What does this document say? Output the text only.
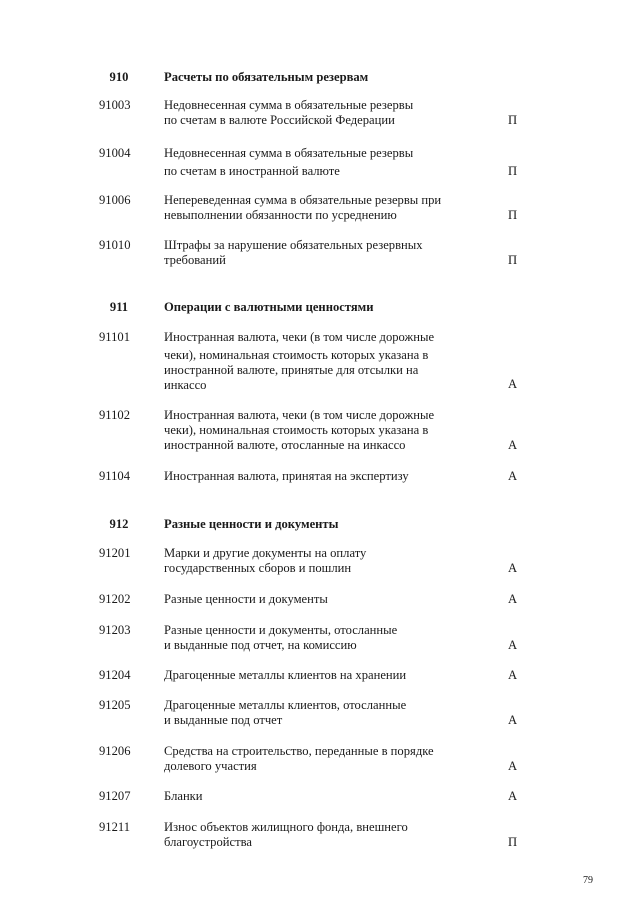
910	Расчеты по обязательным резервам
91003	Недовнесенная сумма в обязательные резервы
по счетам в валюте Российской Федерации	П
91004	Недовнесенная сумма в обязательные резервы
по счетам в иностранной валюте	П
91006	Непереведенная сумма в обязательные резервы при
невыполнении обязанности по усреднению	П
91010	Штрафы за нарушение обязательных резервных
требований	П
911	Операции с валютными ценностями
91101	Иностранная валюта, чеки (в том числе дорожные
чеки), номинальная стоимость которых указана в
иностранной валюте, принятые для отсылки на
инкассо	А
91102	Иностранная валюта, чеки (в том числе дорожные
чеки), номинальная стоимость которых указана в
иностранной валюте, отосланные на инкассо	А
91104	Иностранная валюта, принятая на экспертизу	А
912	Разные ценности и документы
91201	Марки и другие документы на оплату
государственных сборов и пошлин	А
91202	Разные ценности и документы	А
91203	Разные ценности и документы, отосланные
и выданные под отчет, на комиссию	А
91204	Драгоценные металлы клиентов на хранении	А
91205	Драгоценные металлы клиентов, отосланные
и выданные под отчет	А
91206	Средства на строительство, переданные в порядке
долевого участия	А
91207	Бланки	А
91211	Износ объектов жилищного фонда, внешнего
благоустройства	П
79
